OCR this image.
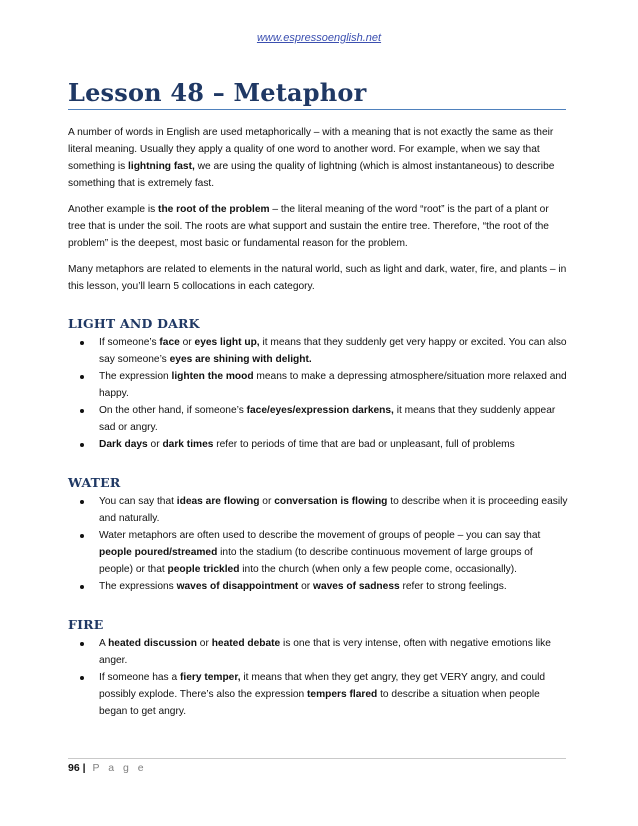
www.espressoenglish.net
Lesson 48 – Metaphor

A number of words in English are used metaphorically – with a meaning that is not exactly the same as their literal meaning. Usually they apply a quality of one word to another word. For example, when we say that something is lightning fast, we are using the quality of lightning (which is almost instantaneous) to describe something that is extremely fast.

Another example is the root of the problem – the literal meaning of the word “root” is the part of a plant or tree that is under the soil. The roots are what support and sustain the entire tree. Therefore, “the root of the problem” is the deepest, most basic or fundamental reason for the problem.

Many metaphors are related to elements in the natural world, such as light and dark, water, fire, and plants – in this lesson, you’ll learn 5 collocations in each category.

LIGHT AND DARK
If someone’s face or eyes light up, it means that they suddenly get very happy or excited. You can also say someone’s eyes are shining with delight.
The expression lighten the mood means to make a depressing atmosphere/situation more relaxed and happy.
On the other hand, if someone’s face/eyes/expression darkens, it means that they suddenly appear sad or angry.
Dark days or dark times refer to periods of time that are bad or unpleasant, full of problems
WATER
You can say that ideas are flowing or conversation is flowing to describe when it is proceeding easily and naturally.
Water metaphors are often used to describe the movement of groups of people – you can say that people poured/streamed into the stadium (to describe continuous movement of large groups of people) or that people trickled into the church (when only a few people come, occasionally).
The expressions waves of disappointment or waves of sadness refer to strong feelings.
FIRE
A heated discussion or heated debate is one that is very intense, often with negative emotions like anger.
If someone has a fiery temper, it means that when they get angry, they get VERY angry, and could possibly explode. There’s also the expression tempers flared to describe a situation when people began to get angry.
96 | P a g e
